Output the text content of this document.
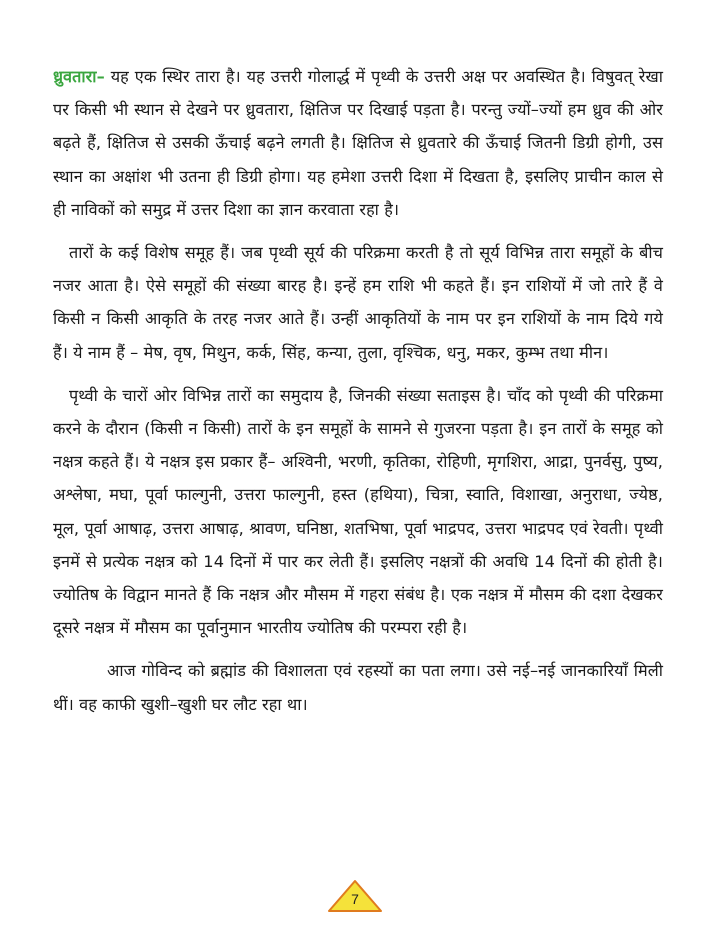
ध्रुवतारा– यह एक स्थिर तारा है। यह उत्तरी गोलार्द्ध में पृथ्वी के उत्तरी अक्ष पर अवस्थित है। विषुवत् रेखा पर किसी भी स्थान से देखने पर ध्रुवतारा, क्षितिज पर दिखाई पड़ता है। परन्तु ज्यों–ज्यों हम ध्रुव की ओर बढ़ते हैं, क्षितिज से उसकी ऊँचाई बढ़ने लगती है। क्षितिज से ध्रुवतारे की ऊँचाई जितनी डिग्री होगी, उस स्थान का अक्षांश भी उतना ही डिग्री होगा। यह हमेशा उत्तरी दिशा में दिखता है, इसलिए प्राचीन काल से ही नाविकों को समुद्र में उत्तर दिशा का ज्ञान करवाता रहा है।

तारों के कई विशेष समूह हैं। जब पृथ्वी सूर्य की परिक्रमा करती है तो सूर्य विभिन्न तारा समूहों के बीच नजर आता है। ऐसे समूहों की संख्या बारह है। इन्हें हम राशि भी कहते हैं। इन राशियों में जो तारे हैं वे किसी न किसी आकृति के तरह नजर आते हैं। उन्हीं आकृतियों के नाम पर इन राशियों के नाम दिये गये हैं। ये नाम हैं – मेष, वृष, मिथुन, कर्क, सिंह, कन्या, तुला, वृश्चिक, धनु, मकर, कुम्भ तथा मीन।

पृथ्वी के चारों ओर विभिन्न तारों का समुदाय है, जिनकी संख्या सताइस है। चाँद को पृथ्वी की परिक्रमा करने के दौरान (किसी न किसी) तारों के इन समूहों के सामने से गुजरना पड़ता है। इन तारों के समूह को नक्षत्र कहते हैं। ये नक्षत्र इस प्रकार हैं– अश्विनी, भरणी, कृतिका, रोहिणी, मृगशिरा, आद्रा, पुनर्वसु, पुष्य, अश्लेषा, मघा, पूर्वा फाल्गुनी, उत्तरा फाल्गुनी, हस्त (हथिया), चित्रा, स्वाति, विशाखा, अनुराधा, ज्येष्ठ, मूल, पूर्वा आषाढ़, उत्तरा आषाढ़, श्रावण, घनिष्ठा, शतभिषा, पूर्वा भाद्रपद, उत्तरा भाद्रपद एवं रेवती। पृथ्वी इनमें से प्रत्येक नक्षत्र को 14 दिनों में पार कर लेती हैं। इसलिए नक्षत्रों की अवधि 14 दिनों की होती है। ज्योतिष के विद्वान मानते हैं कि नक्षत्र और मौसम में गहरा संबंध है। एक नक्षत्र में मौसम की दशा देखकर दूसरे नक्षत्र में मौसम का पूर्वानुमान भारतीय ज्योतिष की परम्परा रही है।

आज गोविन्द को ब्रह्मांड की विशालता एवं रहस्यों का पता लगा। उसे नई–नई जानकारियाँ मिली थीं। वह काफी खुशी–खुशी घर लौट रहा था।

7
